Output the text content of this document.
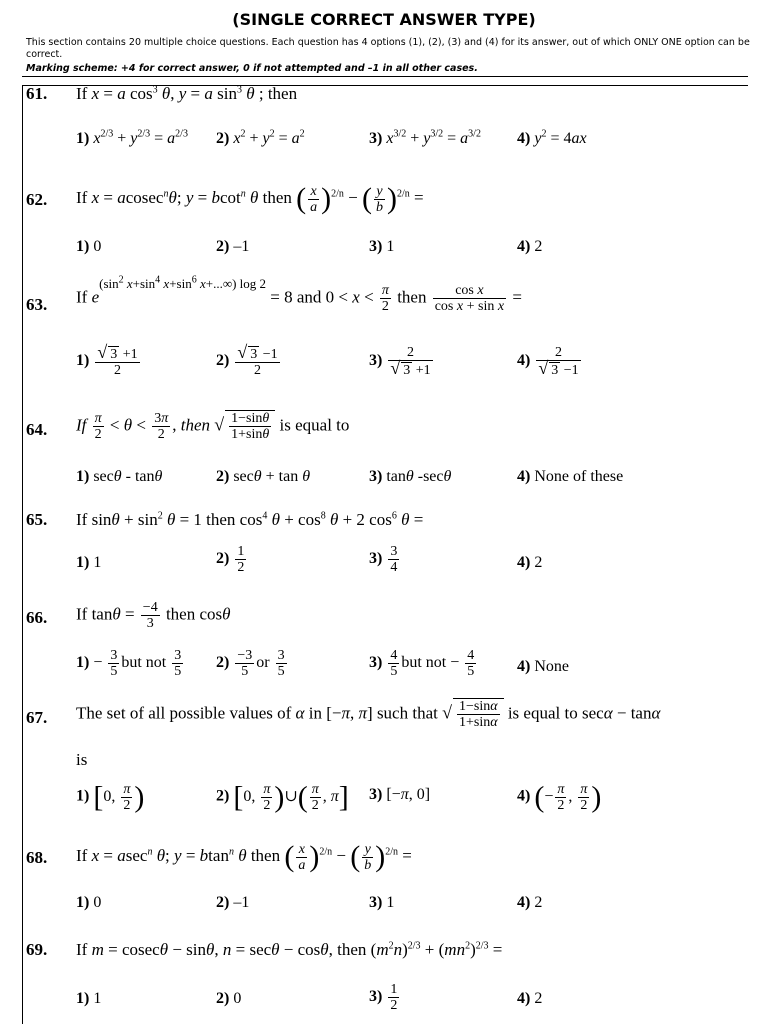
(SINGLE CORRECT ANSWER TYPE)
This section contains 20 multiple choice questions. Each question has 4 options (1), (2), (3) and (4) for its answer, out of which ONLY ONE option can be correct.
Marking scheme: +4 for correct answer, 0 if not attempted and –1 in all other cases.
61. If x = a $\cos^3 \theta$, y = a $\sin^3 \theta$ ; then
1) $x^{2/3} + y^{2/3} = a^{2/3}$ 2) $x^2 + y^2 = a^2$	3) $x^{3/2} + y^{3/2} = a^{3/2}$ 4) $y^2 = 4ax$
62. If x = acosec$^n$θ; y = bcot$^n$ θ then ( $\frac{x}{a} )^{2/n}$ − ( $\frac{y}{b} )^{2/n}$ =
1) 0	2) –1	3) 1	4) 2
63. If $e^{(sin^2 x+sin^4 x+sin^6 x+...\infty) log 2} = 8$ and $0 < x < \frac{\pi}{2}$ then $\frac{\text{cos x}}{\text{cos x + sin x}}$ =
$1) \frac{√ 3 +1}{2}$	$2) \frac{√ 3 -1}{2}$	$3) \frac{2}{√ 3 +1}$	$4) \frac{2}{√ 3 -1}$
64. If $\frac{\pi}{2} < \theta < \frac{3\pi}{2}$ , then √ $\frac{1-\sin\theta}{1+\sin\theta}$ is equal to
1) secθ - tanθ	2) secθ + tan θ	3) tanθ -secθ	4) None of these
65. If $\sin\theta + \sin^2 \theta = 1$ then $\cos^4 \theta + \cos^8 \theta + 2$ $\cos^6 \theta$ =
1) 1	$2) \frac{1}{2}$	$3) \frac{3}{4}$	4) 2
66. If $\tan\theta = \frac{-4}{3}$ then cosθ
$1) - \frac{3}{5}$ but not $\frac{3}{5} 2) \frac{-3}{5}$ or $\frac{3}{5}$	$3) \frac{4}{5}$ but not − $\frac{4}{5}$	4) None
67. The set of all possible values of α in [−π, π] such that √ $\frac{1-\sin\alpha}{1+\sin\alpha}$ is equal to secα − tanα
is
1) [0, $\frac{\pi}{2}$ )	2) [0, $\frac{\pi}{2}$ )∪( $\frac{\pi}{2}$ , π] 3) [−π, 0]	4) (− $\frac{\pi}{2}$ , $\frac{\pi}{2}$ )
68. If x = asec$^n$ θ; y = btan$^n$ θ then ( $\frac{x}{a} )^{2/n}$ − ( $\frac{y}{b} )^{2/n}$ =
1) 0	2) –1	3) 1	4) 2
69. If m = cosecθ − sinθ, n = secθ − cosθ, then $(m^2n)^{2/3} + (mn^2)^{2/3}$ =
1) 1	2) 0	$3) \frac{1}{2}$	4) 2
